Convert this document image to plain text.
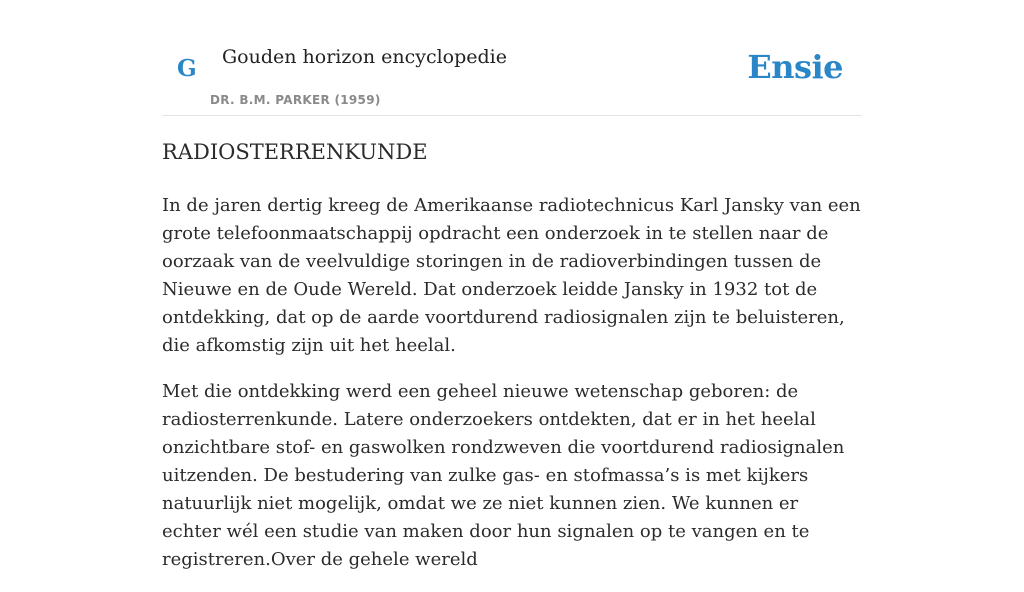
G Gouden horizon encyclopedie
DR. B.M. PARKER (1959)
Ensie
RADIOSTERRENKUNDE

In de jaren dertig kreeg de Amerikaanse radiotechnicus Karl Jansky van een grote telefoonmaatschappij opdracht een onderzoek in te stellen naar de oorzaak van de veelvuldige storingen in de radioverbindingen tussen de Nieuwe en de Oude Wereld. Dat onderzoek leidde Jansky in 1932 tot de ontdekking, dat op de aarde voortdurend radiosignalen zijn te beluisteren, die afkomstig zijn uit het heelal.

Met die ontdekking werd een geheel nieuwe wetenschap geboren: de radiosterrenkunde. Latere onderzoekers ontdekten, dat er in het heelal onzichtbare stof- en gaswolken rondzweven die voortdurend radiosignalen uitzenden. De bestudering van zulke gas- en stofmassa’s is met kijkers natuurlijk niet mogelijk, omdat we ze niet kunnen zien. We kunnen er echter wél een studie van maken door hun signalen op te vangen en te registreren.Over de gehele wereld
